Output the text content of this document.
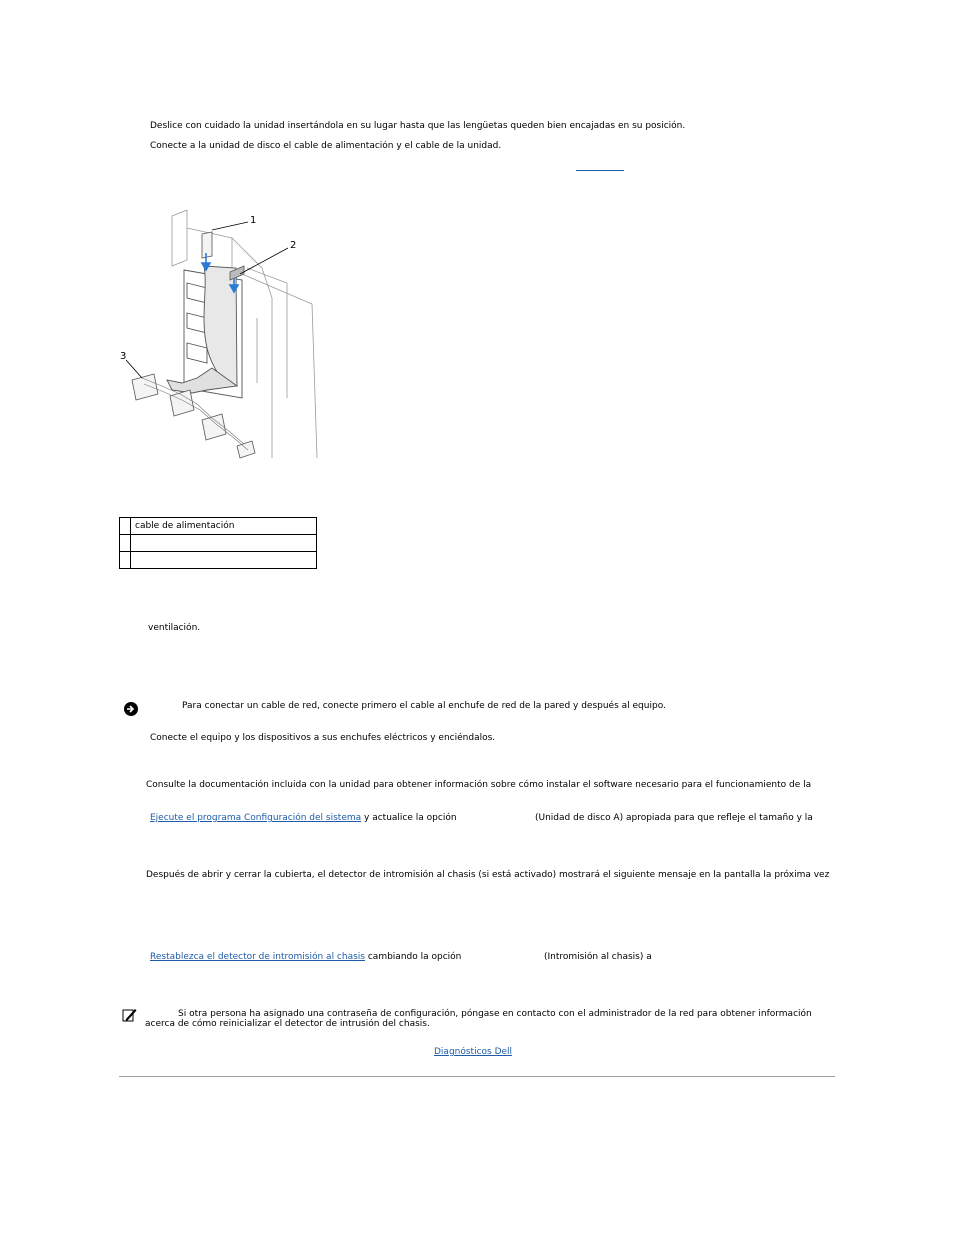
Deslice con cuidado la unidad insertándola en su lugar hasta que las lengüetas queden bien encajadas en su posición.
Conecte a la unidad de disco el cable de alimentación y el cable de la unidad.
1
2
3
	cable de alimentación

ventilación.
Para conectar un cable de red, conecte primero el cable al enchufe de red de la pared y después al equipo.
Conecte el equipo y los dispositivos a sus enchufes eléctricos y enciéndalos.
Consulte la documentación incluida con la unidad para obtener información sobre cómo instalar el software necesario para el funcionamiento de la
Ejecute el programa Configuración del sistema y actualice la opción	(Unidad de disco A) apropiada para que refleje el tamaño y la
Después de abrir y cerrar la cubierta, el detector de intromisión al chasis (si está activado) mostrará el siguiente mensaje en la pantalla la próxima vez
Restablezca el detector de intromisión al chasis cambiando la opción	(Intromisión al chasis) a
Si otra persona ha asignado una contraseña de configuración, póngase en contacto con el administrador de la red para obtener información
acerca de cómo reinicializar el detector de intrusión del chasis.
Diagnósticos Dell
